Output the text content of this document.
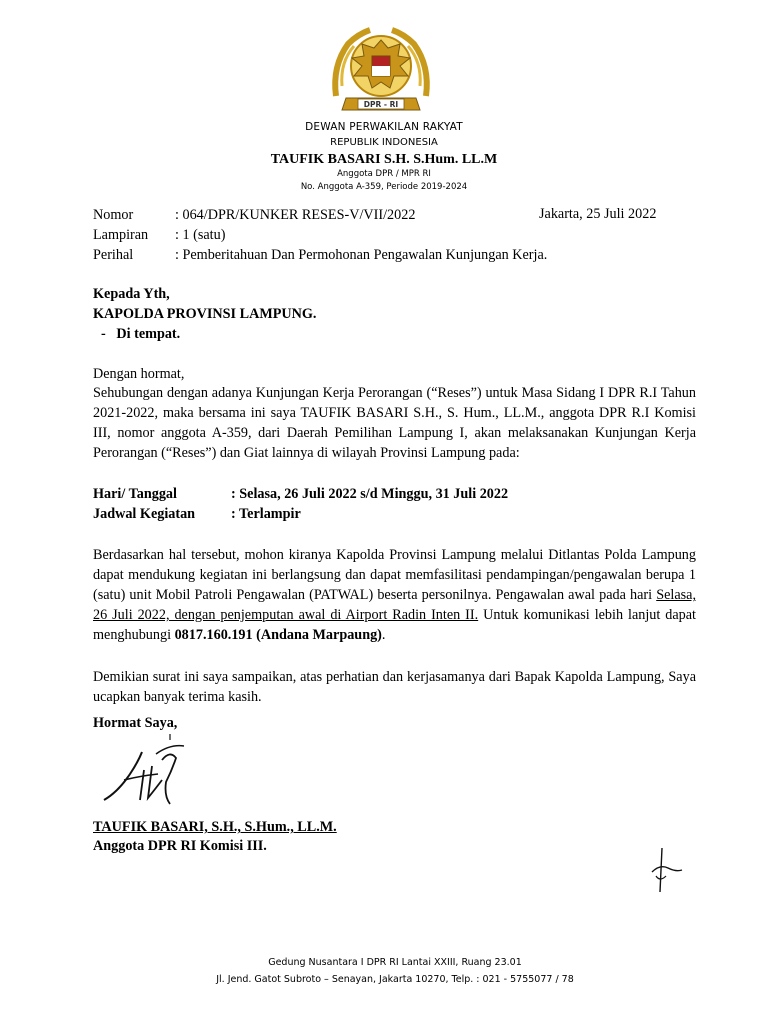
DPR - RI
DEWAN PERWAKILAN RAKYAT
REPUBLIK INDONESIA
TAUFIK BASARI S.H. S.Hum. LL.M
Anggota DPR / MPR RI
No. Anggota A-359, Periode 2019-2024
Nomor	: 064/DPR/KUNKER RESES-V/VII/2022	Jakarta, 25 Juli 2022
Lampiran : 1 (satu)
Perihal	: Pemberitahuan Dan Permohonan Pengawalan Kunjungan Kerja.
Kepada Yth,
KAPOLDA PROVINSI LAMPUNG.
-   Di tempat.
Dengan hormat,
Sehubungan dengan adanya Kunjungan Kerja Perorangan (“Reses”) untuk Masa Sidang I DPR R.I Tahun 2021-2022, maka bersama ini saya TAUFIK BASARI S.H., S. Hum., LL.M., anggota DPR R.I Komisi III, nomor anggota A-359, dari Daerah Pemilihan Lampung I, akan melaksanakan Kunjungan Kerja Perorangan (“Reses”) dan Giat lainnya di wilayah Provinsi Lampung pada:
Hari/ Tanggal	: Selasa, 26 Juli 2022 s/d Minggu, 31 Juli 2022
Jadwal Kegiatan	: Terlampir
Berdasarkan hal tersebut, mohon kiranya Kapolda Provinsi Lampung melalui Ditlantas Polda Lampung dapat mendukung kegiatan ini berlangsung dan dapat memfasilitasi pendampingan/pengawalan berupa 1 (satu) unit Mobil Patroli Pengawalan (PATWAL) beserta personilnya. Pengawalan awal pada hari Selasa, 26 Juli 2022, dengan penjemputan awal di Airport Radin Inten II. Untuk komunikasi lebih lanjut dapat menghubungi 0817.160.191 (Andana Marpaung).
Demikian surat ini saya sampaikan, atas perhatian dan kerjasamanya dari Bapak Kapolda Lampung, Saya ucapkan banyak terima kasih.
Hormat Saya,
TAUFIK BASARI, S.H., S.Hum., LL.M.
Anggota DPR RI Komisi III.
Gedung Nusantara I DPR RI Lantai XXIII, Ruang 23.01
Jl. Jend. Gatot Subroto – Senayan, Jakarta 10270, Telp. : 021 - 5755077 / 78
